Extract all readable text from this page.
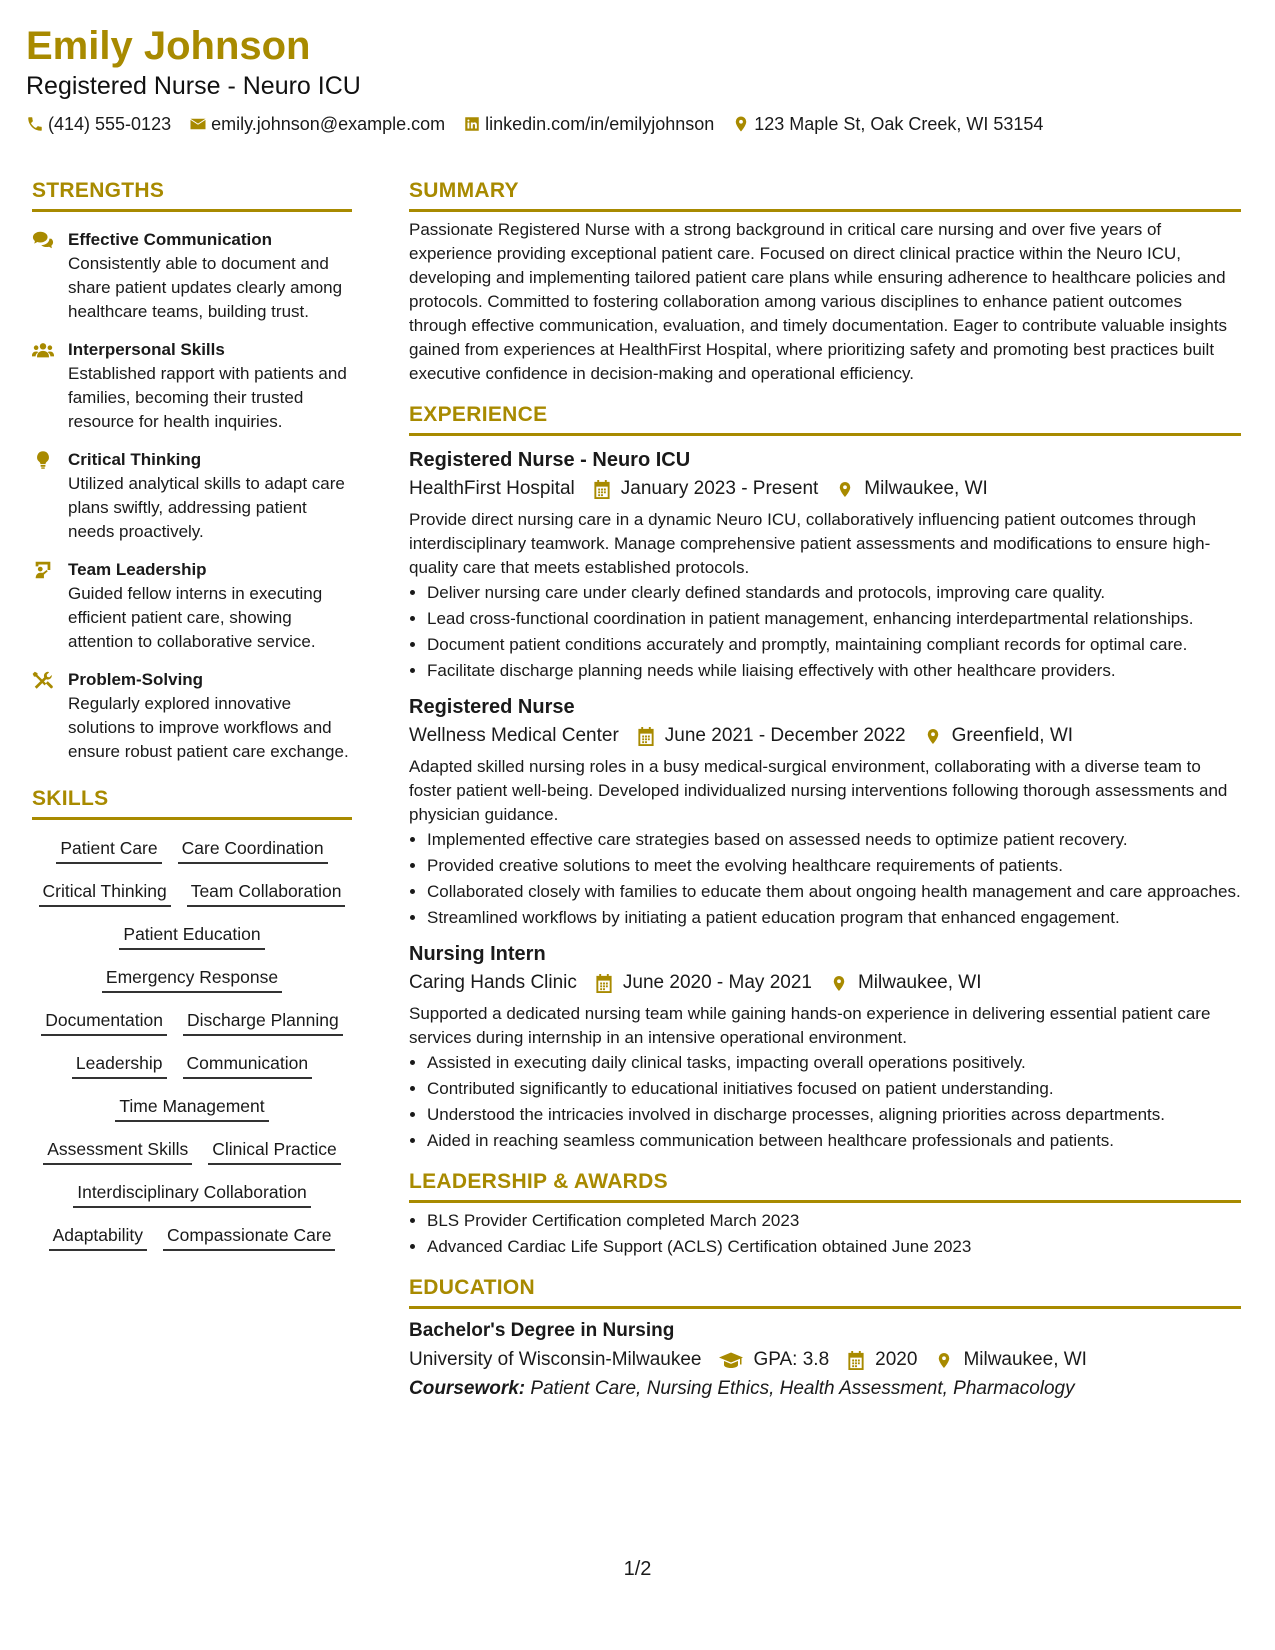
Emily Johnson
Registered Nurse - Neuro ICU
(414) 555-0123 emily.johnson@example.com linkedin.com/in/emilyjohnson 123 Maple St, Oak Creek, WI 53154
STRENGTHS
Effective Communication
Consistently able to document and share patient updates clearly among healthcare teams, building trust.
Interpersonal Skills
Established rapport with patients and families, becoming their trusted resource for health inquiries.
Critical Thinking
Utilized analytical skills to adapt care plans swiftly, addressing patient needs proactively.
Team Leadership
Guided fellow interns in executing efficient patient care, showing attention to collaborative service.
Problem-Solving
Regularly explored innovative solutions to improve workflows and ensure robust patient care exchange.
SKILLS
Patient Care Care Coordination
Critical Thinking Team Collaboration
Patient Education
Emergency Response
Documentation Discharge Planning
Leadership Communication
Time Management
Assessment Skills Clinical Practice
Interdisciplinary Collaboration
Adaptability Compassionate Care
SUMMARY

Passionate Registered Nurse with a strong background in critical care nursing and over five years of experience providing exceptional patient care. Focused on direct clinical practice within the Neuro ICU, developing and implementing tailored patient care plans while ensuring adherence to healthcare policies and protocols. Committed to fostering collaboration among various disciplines to enhance patient outcomes through effective communication, evaluation, and timely documentation. Eager to contribute valuable insights gained from experiences at HealthFirst Hospital, where prioritizing safety and promoting best practices built executive confidence in decision-making and operational efficiency.

EXPERIENCE
Registered Nurse - Neuro ICU
HealthFirst Hospital January 2023 - Present Milwaukee, WI
Provide direct nursing care in a dynamic Neuro ICU, collaboratively influencing patient outcomes through interdisciplinary teamwork. Manage comprehensive patient assessments and modifications to ensure high-quality care that meets established protocols.
• Deliver nursing care under clearly defined standards and protocols, improving care quality.
• Lead cross-functional coordination in patient management, enhancing interdepartmental relationships.
• Document patient conditions accurately and promptly, maintaining compliant records for optimal care.
• Facilitate discharge planning needs while liaising effectively with other healthcare providers.
Registered Nurse
Wellness Medical Center June 2021 - December 2022 Greenfield, WI
Adapted skilled nursing roles in a busy medical-surgical environment, collaborating with a diverse team to foster patient well-being. Developed individualized nursing interventions following thorough assessments and physician guidance.
• Implemented effective care strategies based on assessed needs to optimize patient recovery.
• Provided creative solutions to meet the evolving healthcare requirements of patients.
• Collaborated closely with families to educate them about ongoing health management and care approaches.
• Streamlined workflows by initiating a patient education program that enhanced engagement.
Nursing Intern
Caring Hands Clinic June 2020 - May 2021 Milwaukee, WI
Supported a dedicated nursing team while gaining hands-on experience in delivering essential patient care services during internship in an intensive operational environment.
• Assisted in executing daily clinical tasks, impacting overall operations positively.
• Contributed significantly to educational initiatives focused on patient understanding.
• Understood the intricacies involved in discharge processes, aligning priorities across departments.
• Aided in reaching seamless communication between healthcare professionals and patients.
LEADERSHIP & AWARDS
• BLS Provider Certification completed March 2023
• Advanced Cardiac Life Support (ACLS) Certification obtained June 2023
EDUCATION
Bachelor's Degree in Nursing
University of Wisconsin-Milwaukee	GPA: 3.8 2020 Milwaukee, WI
Coursework: Patient Care, Nursing Ethics, Health Assessment, Pharmacology
1/2
